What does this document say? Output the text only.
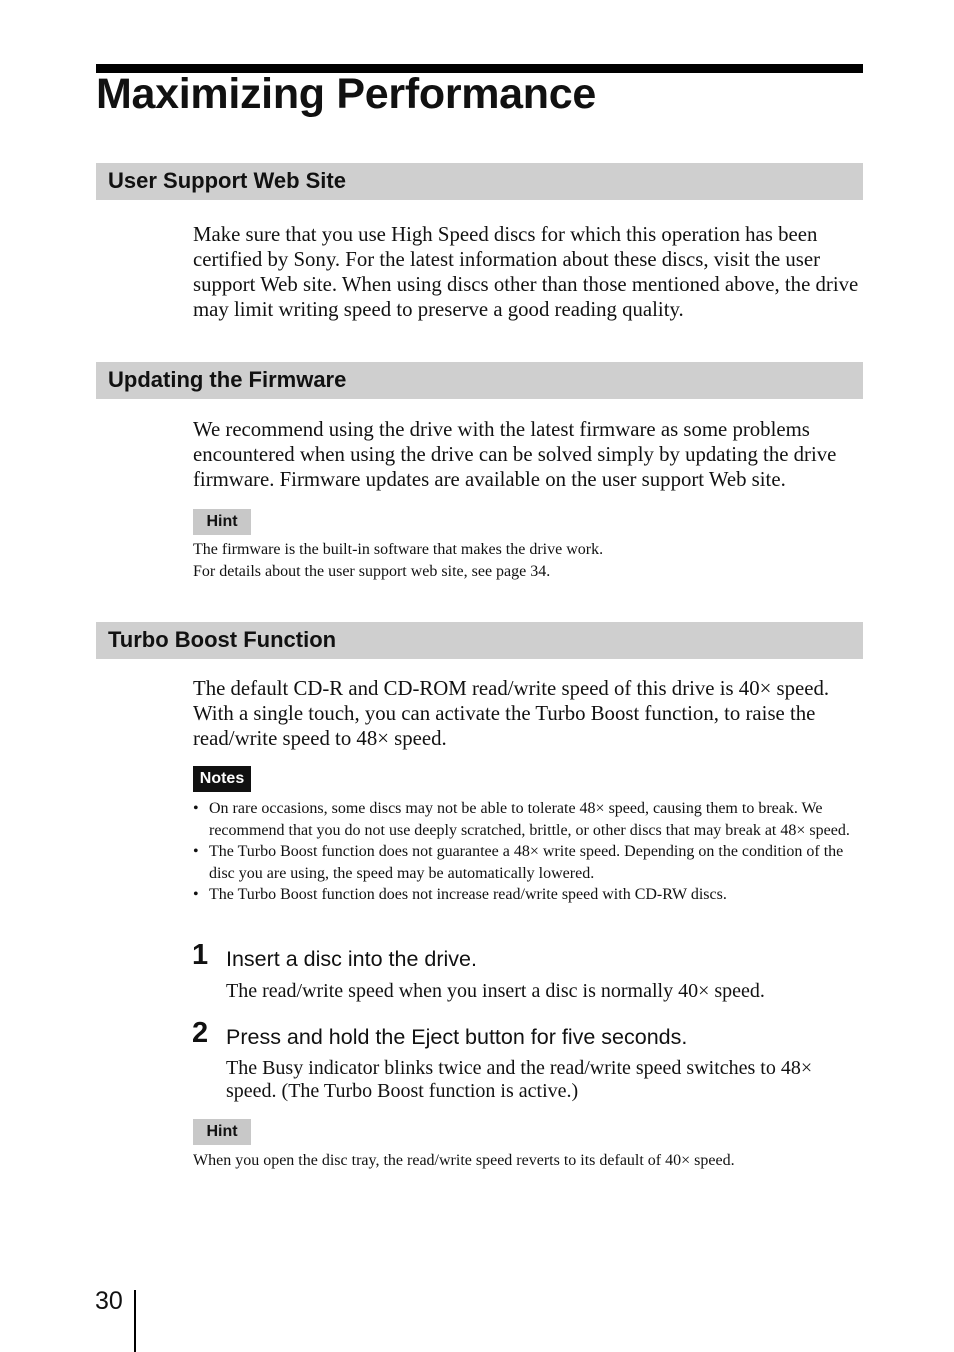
Maximizing Performance
User Support Web Site

Make sure that you use High Speed discs for which this operation has been certified by Sony. For the latest information about these discs, visit the user support Web site. When using discs other than those mentioned above, the drive may limit writing speed to preserve a good reading quality.

Updating the Firmware

We recommend using the drive with the latest firmware as some problems encountered when using the drive can be solved simply by updating the drive firmware. Firmware updates are available on the user support Web site.

Hint

The firmware is the built-in software that makes the drive work.

For details about the user support web site, see page 34.

Turbo Boost Function

The default CD-R and CD-ROM read/write speed of this drive is 40× speed. With a single touch, you can activate the Turbo Boost function, to raise the read/write speed to 48× speed.

Notes
• On rare occasions, some discs may not be able to tolerate 48× speed, causing them to break. We recommend that you do not use deeply scratched, brittle, or other discs that may break at 48× speed.
• The Turbo Boost function does not guarantee a 48× write speed. Depending on the condition of the disc you are using, the speed may be automatically lowered.
• The Turbo Boost function does not increase read/write speed with CD-RW discs.
1 Insert a disc into the drive.

The read/write speed when you insert a disc is normally 40× speed.

2 Press and hold the Eject button for five seconds.

The Busy indicator blinks twice and the read/write speed switches to 48× speed. (The Turbo Boost function is active.)

Hint

When you open the disc tray, the read/write speed reverts to its default of 40× speed.

30
